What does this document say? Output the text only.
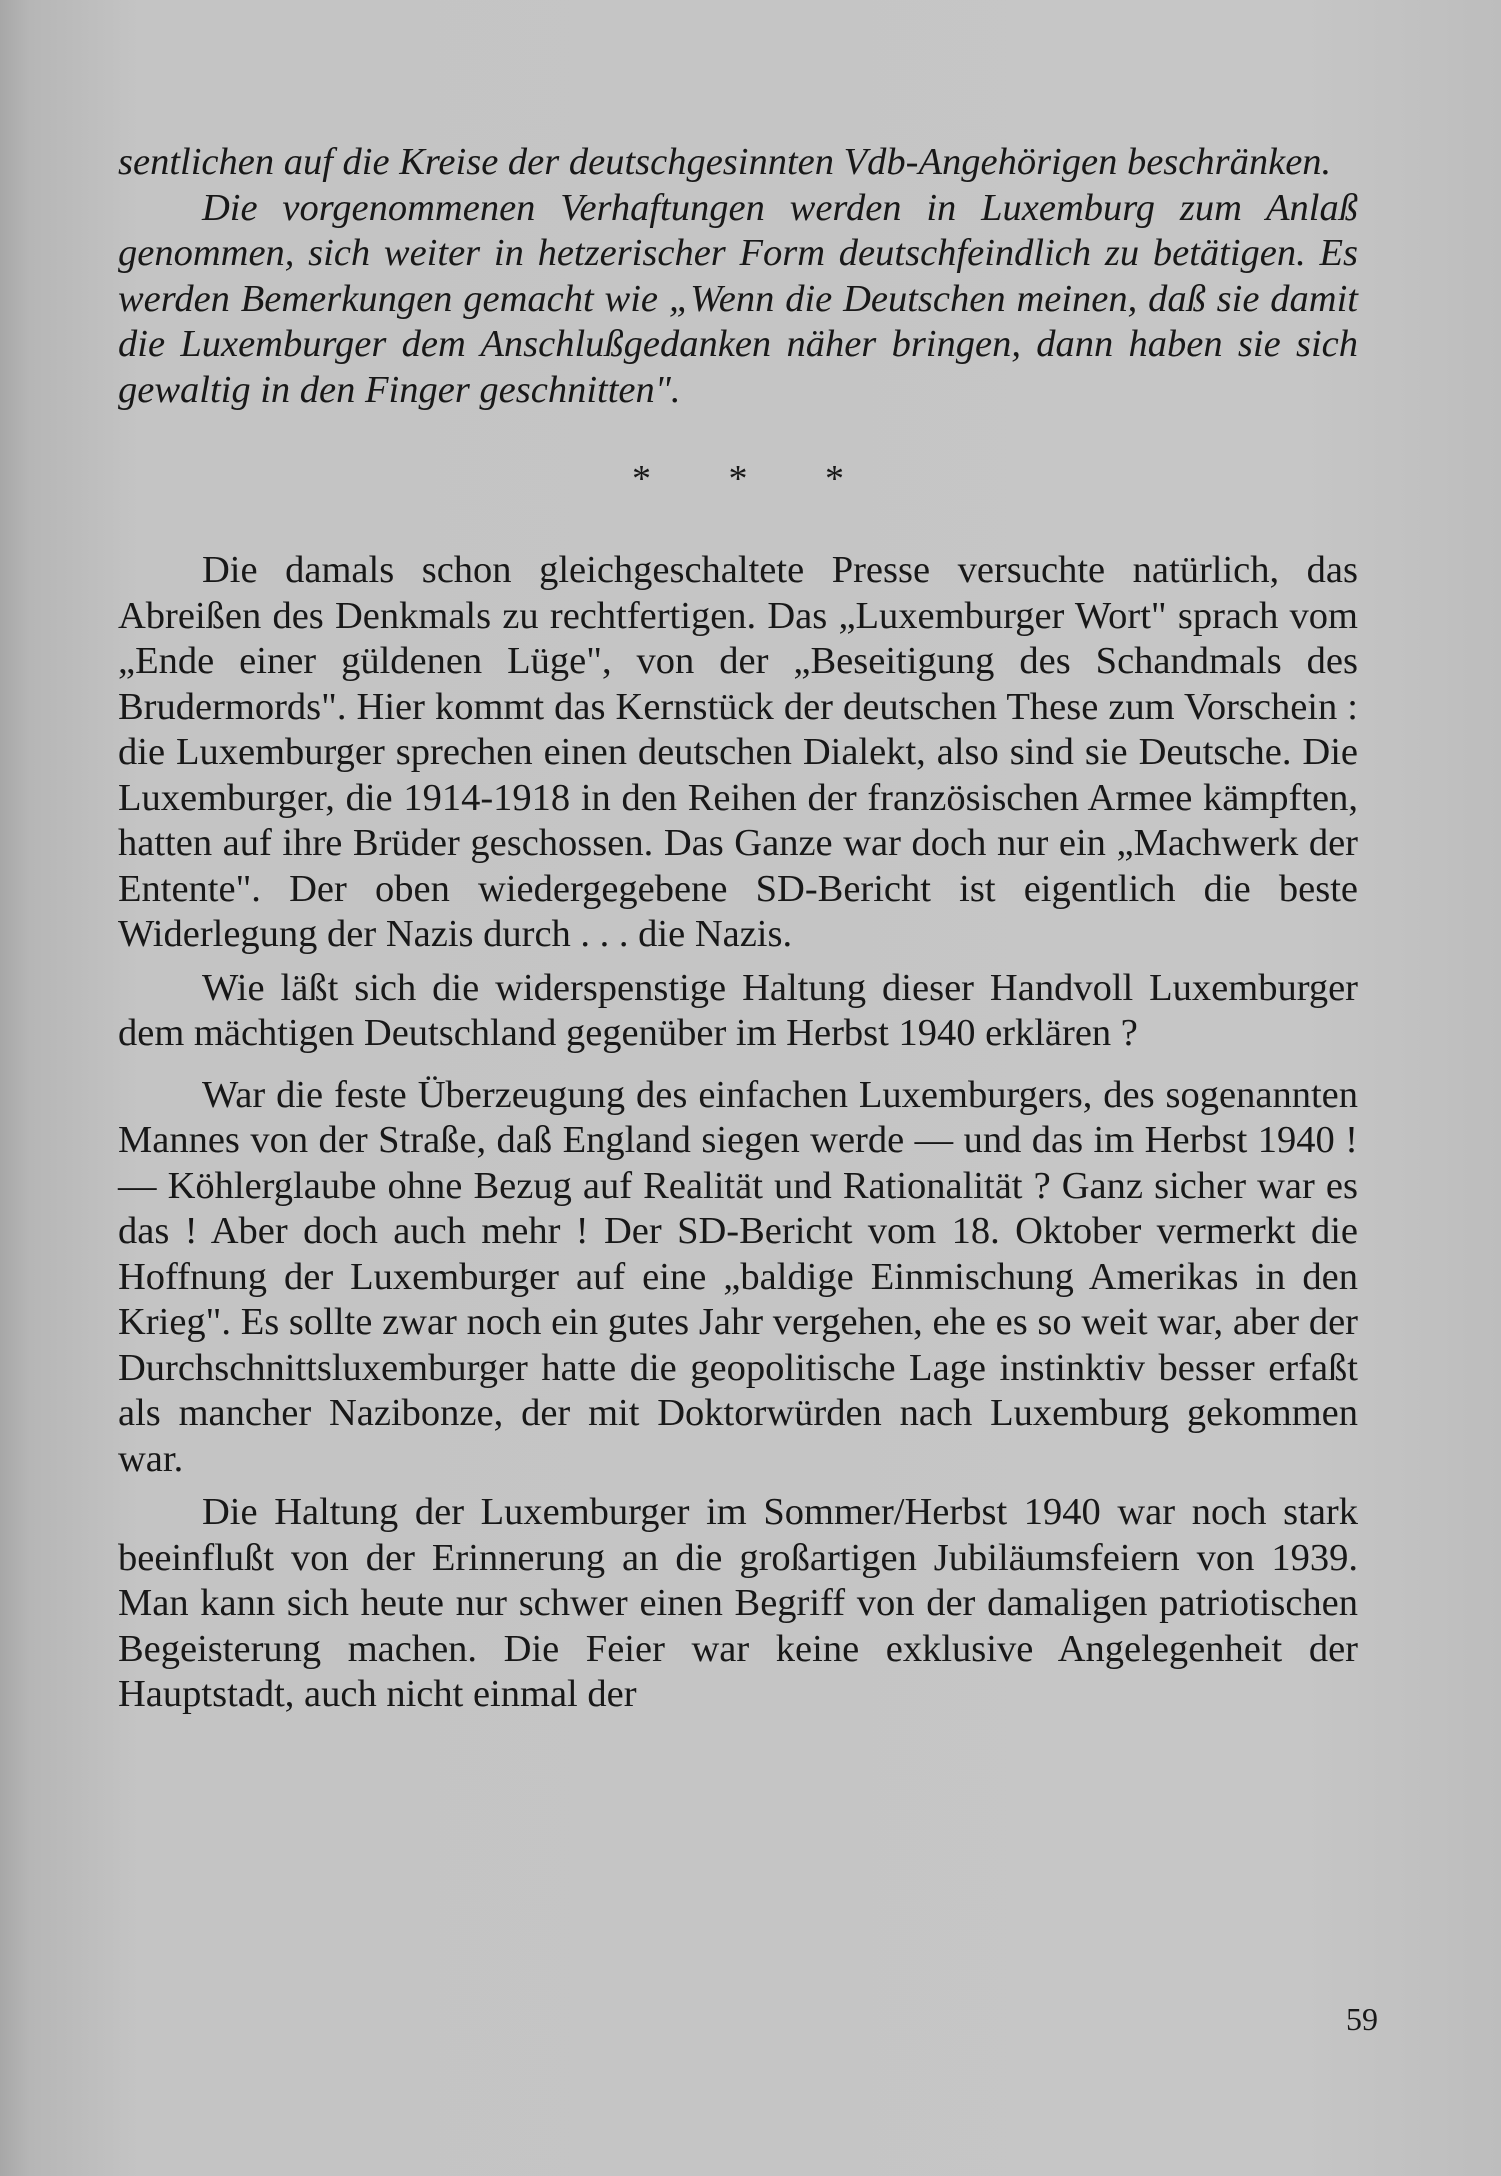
sentlichen auf die Kreise der deutschgesinnten Vdb-Angehörigen beschränken.

Die vorgenommenen Verhaftungen werden in Luxemburg zum Anlaß genommen, sich weiter in hetzerischer Form deutschfeindlich zu betätigen. Es werden Bemerkungen gemacht wie „Wenn die Deutschen meinen, daß sie damit die Luxemburger dem Anschlußgedanken näher bringen, dann haben sie sich gewaltig in den Finger geschnitten".

* * *

Die damals schon gleichgeschaltete Presse versuchte natürlich, das Abreißen des Denkmals zu rechtfertigen. Das „Luxemburger Wort" sprach vom „Ende einer güldenen Lüge", von der „Beseitigung des Schandmals des Brudermords". Hier kommt das Kernstück der deutschen These zum Vorschein : die Luxemburger sprechen einen deutschen Dialekt, also sind sie Deutsche. Die Luxemburger, die 1914-1918 in den Reihen der französischen Armee kämpften, hatten auf ihre Brüder geschossen. Das Ganze war doch nur ein „Machwerk der Entente". Der oben wiedergegebene SD-Bericht ist eigentlich die beste Widerlegung der Nazis durch . . . die Nazis.

Wie läßt sich die widerspenstige Haltung dieser Handvoll Luxemburger dem mächtigen Deutschland gegenüber im Herbst 1940 erklären ?

War die feste Überzeugung des einfachen Luxemburgers, des sogenannten Mannes von der Straße, daß England siegen werde — und das im Herbst 1940 ! — Köhlerglaube ohne Bezug auf Realität und Rationalität ? Ganz sicher war es das ! Aber doch auch mehr ! Der SD-Bericht vom 18. Oktober vermerkt die Hoffnung der Luxemburger auf eine „baldige Einmischung Amerikas in den Krieg". Es sollte zwar noch ein gutes Jahr vergehen, ehe es so weit war, aber der Durchschnittsluxemburger hatte die geopolitische Lage instinktiv besser erfaßt als mancher Nazibonze, der mit Doktorwürden nach Luxemburg gekommen war.

Die Haltung der Luxemburger im Sommer/Herbst 1940 war noch stark beeinflußt von der Erinnerung an die großartigen Jubiläumsfeiern von 1939. Man kann sich heute nur schwer einen Begriff von der damaligen patriotischen Begeisterung machen. Die Feier war keine exklusive Angelegenheit der Hauptstadt, auch nicht einmal der

59
